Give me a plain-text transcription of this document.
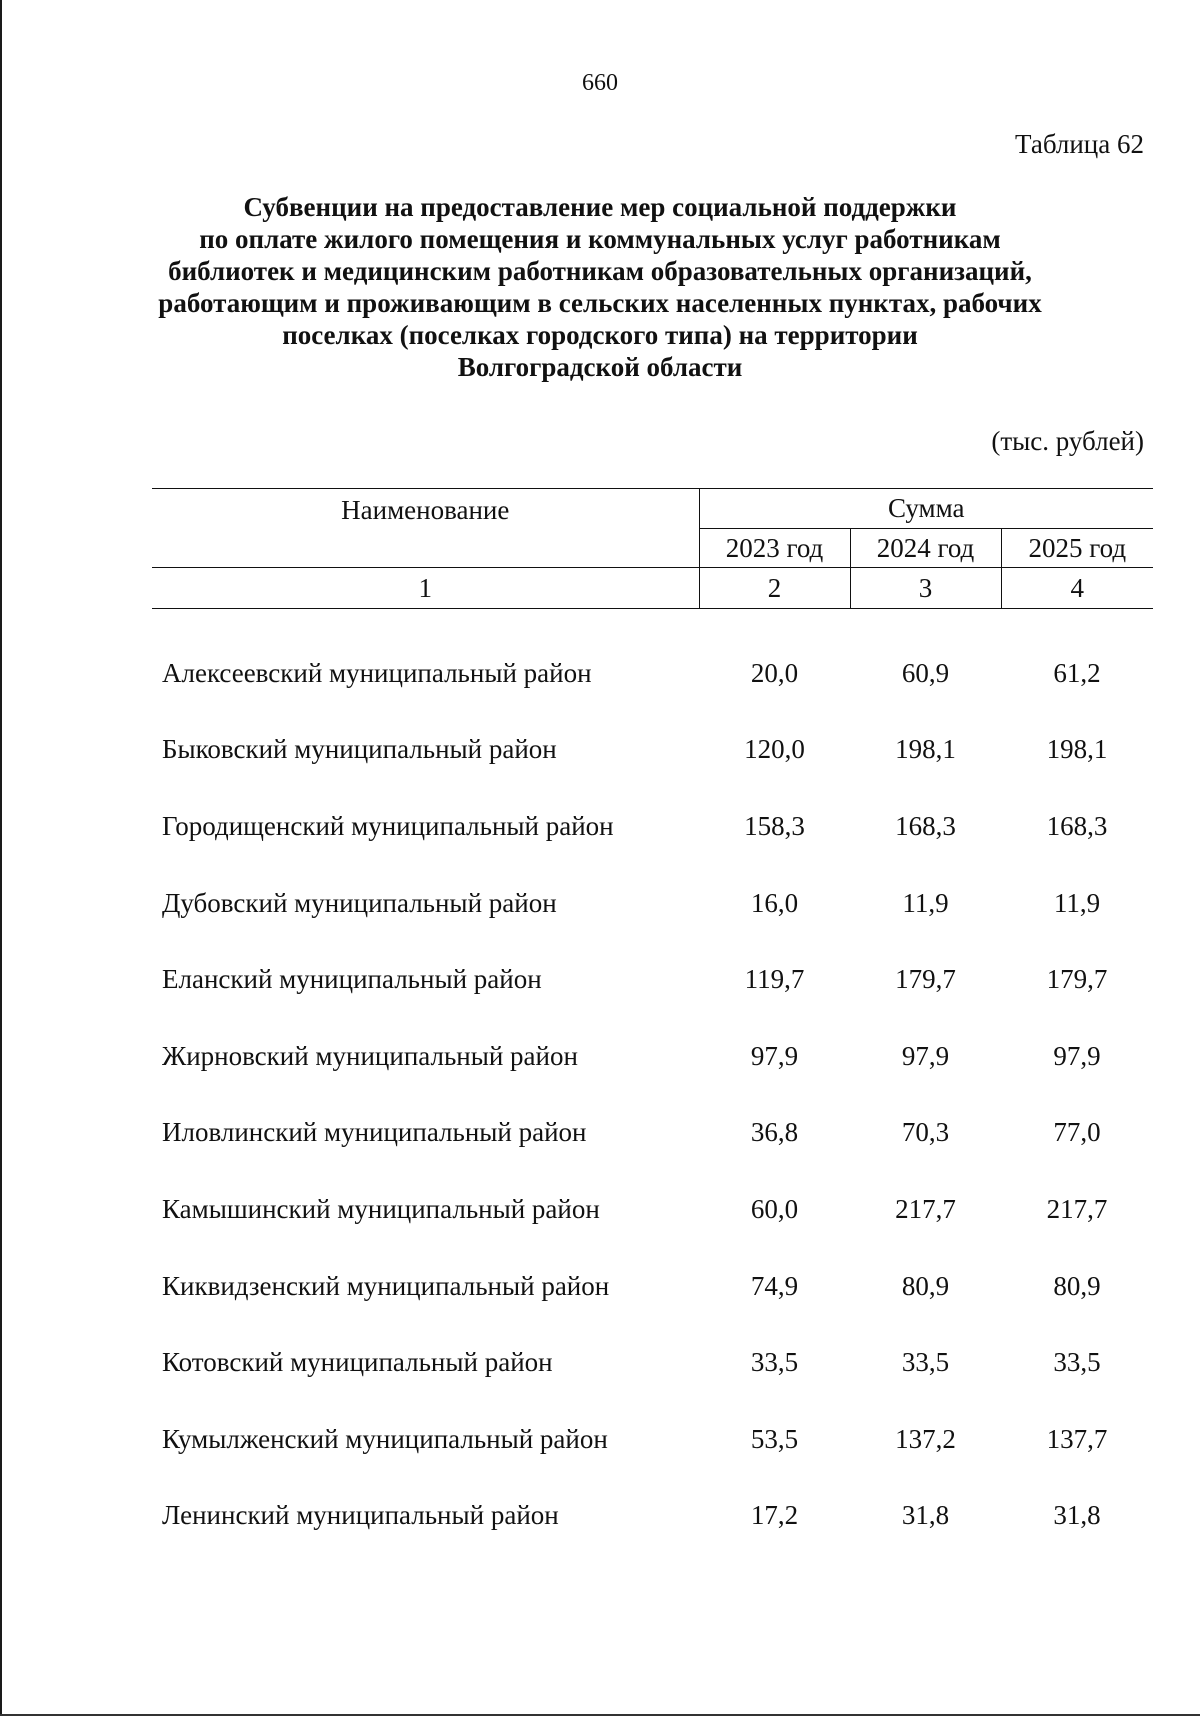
660
Таблица 62
Субвенции на предоставление мер социальной поддержки
по оплате жилого помещения и коммунальных услуг работникам
библиотек и медицинским работникам образовательных организаций,
работающим и проживающим в сельских населенных пунктах, рабочих
поселках (поселках городского типа) на территории
Волгоградской области
(тыс. рублей)
Наименование	Сумма		
	2023 год	2024 год	2025 год
1	2	3	4

Алексеевский муниципальный район	20,0	60,9	61,2
Быковский муниципальный район	120,0	198,1	198,1
Городищенский муниципальный район	158,3	168,3	168,3
Дубовский муниципальный район	16,0	11,9	11,9
Еланский муниципальный район	119,7	179,7	179,7
Жирновский муниципальный район	97,9	97,9	97,9
Иловлинский муниципальный район	36,8	70,3	77,0
Камышинский муниципальный район	60,0	217,7	217,7
Киквидзенский муниципальный район	74,9	80,9	80,9
Котовский муниципальный район	33,5	33,5	33,5
Кумылженский муниципальный район	53,5	137,2	137,7
Ленинский муниципальный район	17,2	31,8	31,8
